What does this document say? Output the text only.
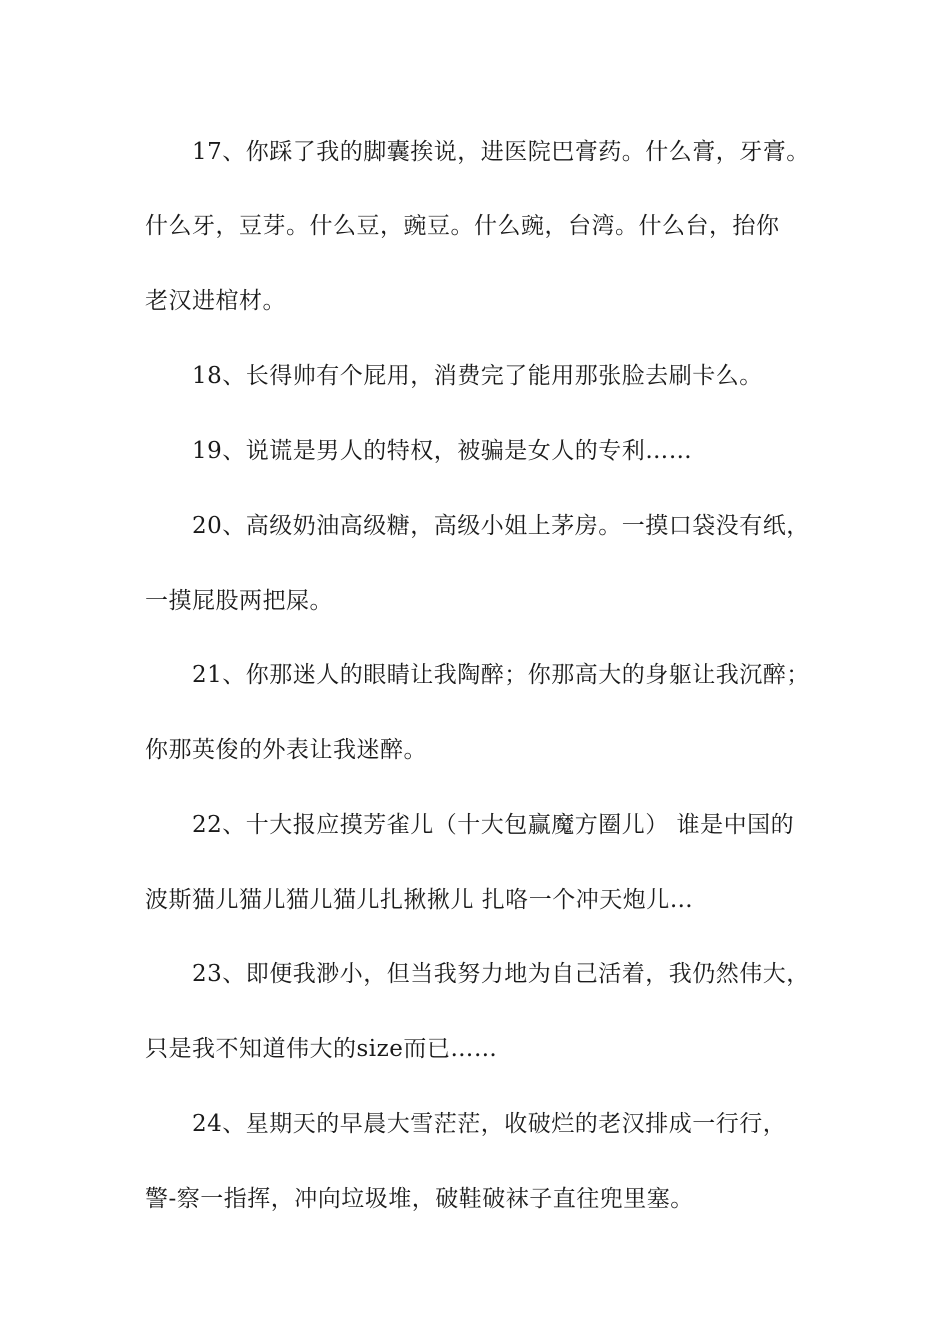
17、你踩了我的脚囊挨说，进医院巴膏药。什么膏，牙膏。
什么牙，豆芽。什么豆，豌豆。什么豌，台湾。什么台，抬你
老汉进棺材。
18、长得帅有个屁用，消费完了能用那张脸去刷卡么。
19、说谎是男人的特权，被骗是女人的专利……
20、高级奶油高级糖，高级小姐上茅房。一摸口袋没有纸，
一摸屁股两把屎。
21、你那迷人的眼睛让我陶醉；你那高大的身躯让我沉醉；
你那英俊的外表让我迷醉。
22、十大报应摸芳雀儿（十大包赢魔方圈儿） 谁是中国的
波斯猫儿猫儿猫儿猫儿扎揪揪儿 扎咯一个冲天炮儿…
23、即便我渺小，但当我努力地为自己活着，我仍然伟大，
只是我不知道伟大的size而已……
24、星期天的早晨大雪茫茫，收破烂的老汉排成一行行，
警-察一指挥，冲向垃圾堆，破鞋破袜子直往兜里塞。
